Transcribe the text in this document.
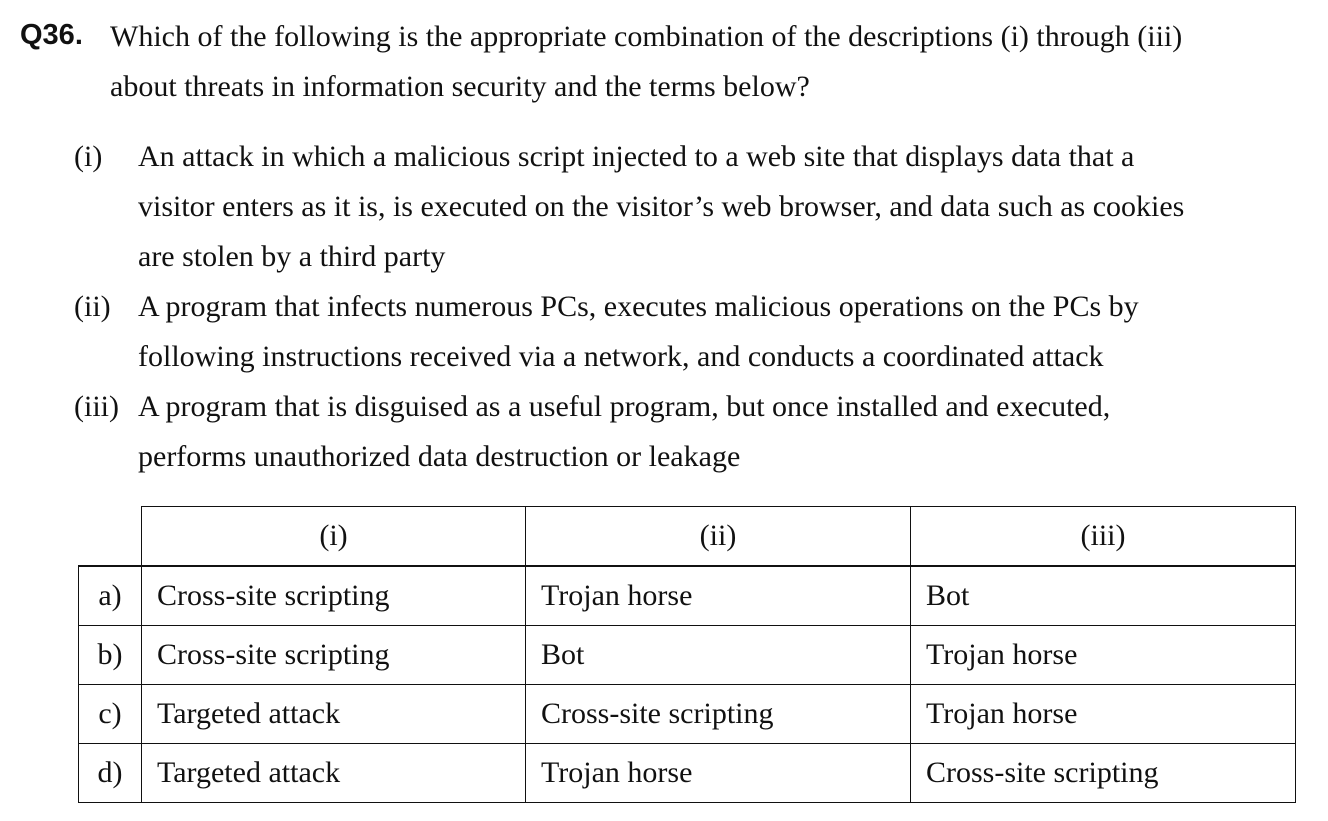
Q36. Which of the following is the appropriate combination of the descriptions (i) through (iii)
about threats in information security and the terms below?
(i) An attack in which a malicious script injected to a web site that displays data that a
visitor enters as it is, is executed on the visitor’s web browser, and data such as cookies
are stolen by a third party
(ii) A program that infects numerous PCs, executes malicious operations on the PCs by
following instructions received via a network, and conducts a coordinated attack
(iii) A program that is disguised as a useful program, but once installed and executed,
performs unauthorized data destruction or leakage
	(i)	(ii)	(iii)
a)	Cross-site scripting	Trojan horse	Bot
b)	Cross-site scripting	Bot	Trojan horse
c)	Targeted attack	Cross-site scripting	Trojan horse
d)	Targeted attack	Trojan horse	Cross-site scripting
